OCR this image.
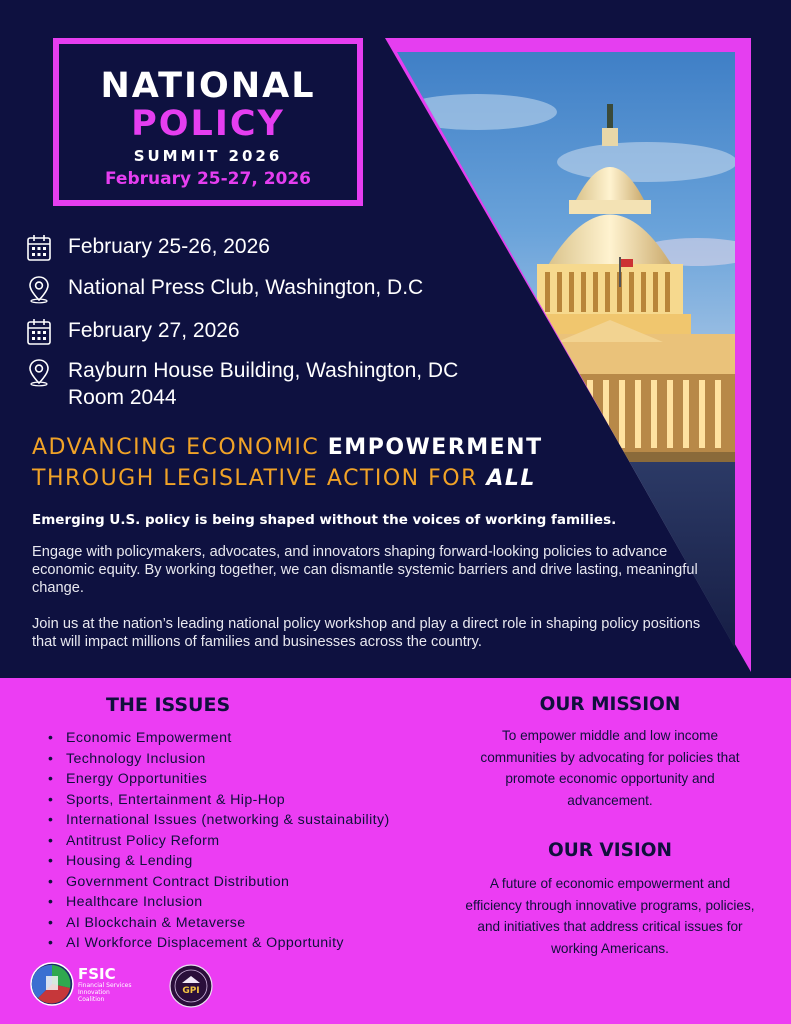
NATIONAL
POLICY
SUMMIT 2026
February 25-27, 2026
February 25-26, 2026
National Press Club, Washington, D.C
February 27, 2026
Rayburn House Building, Washington, DC
Room 2044
ADVANCING ECONOMIC EMPOWERMENT
THROUGH LEGISLATIVE ACTION FOR ALL
Emerging U.S. policy is being shaped without the voices of working families.
Engage with policymakers, advocates, and innovators shaping forward-looking policies to advance economic equity. By working together, we can dismantle systemic barriers and drive lasting, meaningful change.
Join us at the nation’s leading national policy workshop and play a direct role in shaping policy positions that will impact millions of families and businesses across the country.
THE ISSUES
• Economic Empowerment
• Technology Inclusion
• Energy Opportunities
• Sports, Entertainment & Hip-Hop
• International Issues (networking & sustainability)
• Antitrust Policy Reform
• Housing & Lending
• Government Contract Distribution
• Healthcare Inclusion
• AI Blockchain & Metaverse
• AI Workforce Displacement & Opportunity
OUR MISSION
To empower middle and low income communities by advocating for policies that promote economic opportunity and advancement.
OUR VISION
A future of economic empowerment and efficiency through innovative programs, policies, and initiatives that address critical issues for working Americans.
FSIC
Financial Services Innovation Coalition
GPI
